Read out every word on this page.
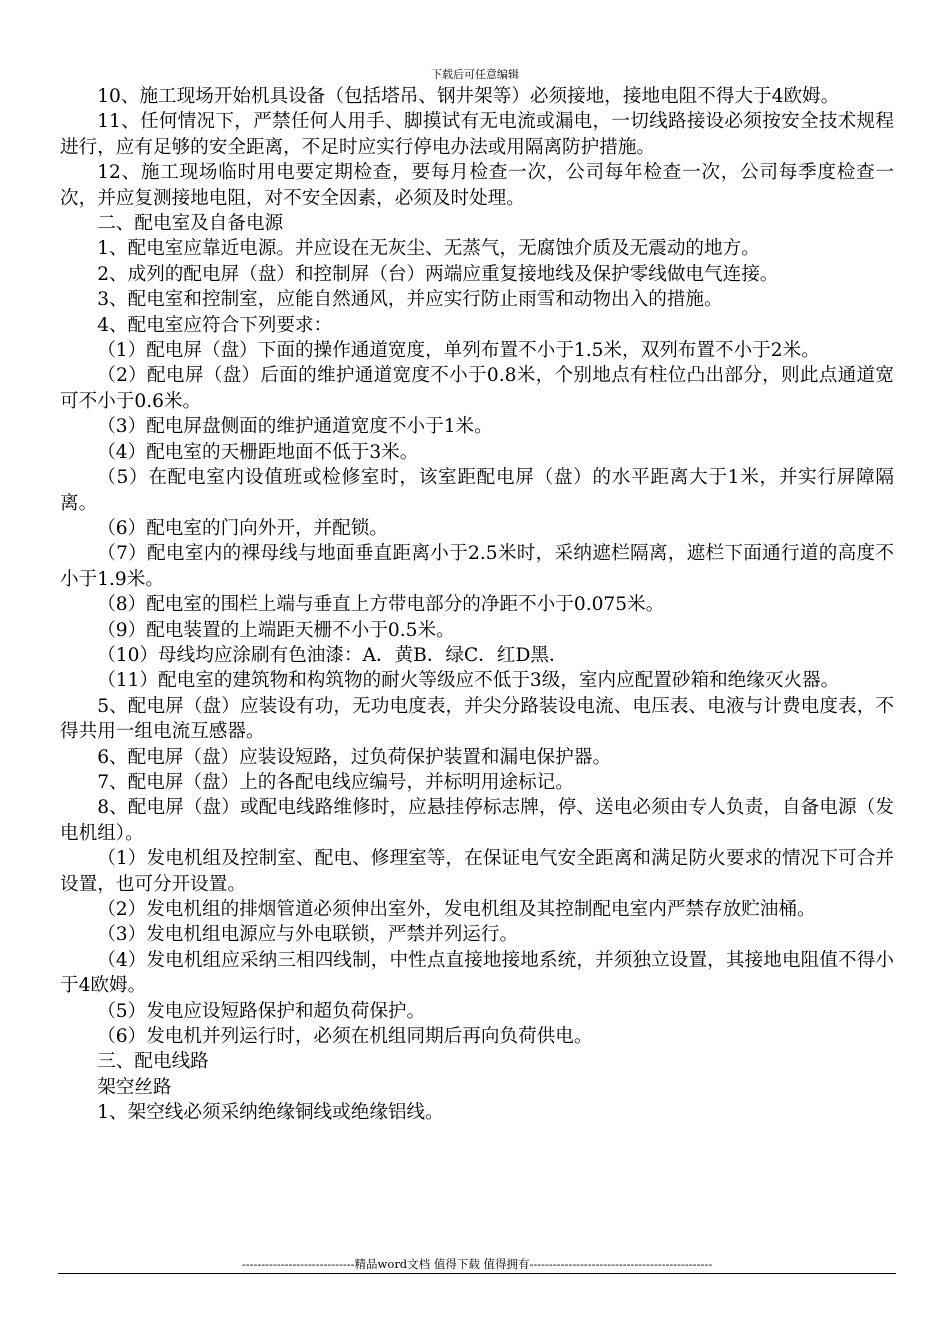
下载后可任意编辑

10、施工现场开始机具设备（包括塔吊、钢井架等）必须接地，接地电阻不得大于4欧姆。

11、任何情况下，严禁任何人用手、脚摸试有无电流或漏电，一切线路接设必须按安全技术规程进行，应有足够的安全距离，不足时应实行停电办法或用隔离防护措施。

12、施工现场临时用电要定期检查，要每月检查一次，公司每年检查一次，公司每季度检查一次，并应复测接地电阻，对不安全因素，必须及时处理。

二、配电室及自备电源

1、配电室应靠近电源。并应设在无灰尘、无蒸气，无腐蚀介质及无震动的地方。

2、成列的配电屏（盘）和控制屏（台）两端应重复接地线及保护零线做电气连接。

3、配电室和控制室，应能自然通风，并应实行防止雨雪和动物出入的措施。

4、配电室应符合下列要求：

（1）配电屏（盘）下面的操作通道宽度，单列布置不小于1.5米，双列布置不小于2米。

（2）配电屏（盘）后面的维护通道宽度不小于0.8米，个别地点有柱位凸出部分，则此点通道宽可不小于0.6米。

（3）配电屏盘侧面的维护通道宽度不小于1米。

（4）配电室的天栅距地面不低于3米。

（5）在配电室内设值班或检修室时，该室距配电屏（盘）的水平距离大于1米，并实行屏障隔离。

（6）配电室的门向外开，并配锁。

（7）配电室内的裸母线与地面垂直距离小于2.5米时，采纳遮栏隔离，遮栏下面通行道的高度不小于1.9米。

（8）配电室的围栏上端与垂直上方带电部分的净距不小于0.075米。

（9）配电装置的上端距天栅不小于0.5米。

（10）母线均应涂刷有色油漆：A．黄B．绿C．红D黑．

（11）配电室的建筑物和构筑物的耐火等级应不低于3级，室内应配置砂箱和绝缘灭火器。

5、配电屏（盘）应装设有功，无功电度表，并尖分路装设电流、电压表、电液与计费电度表，不得共用一组电流互感器。

6、配电屏（盘）应装设短路，过负荷保护装置和漏电保护器。

7、配电屏（盘）上的各配电线应编号，并标明用途标记。

8、配电屏（盘）或配电线路维修时，应悬挂停标志牌，停、送电必须由专人负责，自备电源（发电机组）。

（1）发电机组及控制室、配电、修理室等，在保证电气安全距离和满足防火要求的情况下可合并设置，也可分开设置。

（2）发电机组的排烟管道必须伸出室外，发电机组及其控制配电室内严禁存放贮油桶。

（3）发电机组电源应与外电联锁，严禁并列运行。

（4）发电机组应采纳三相四线制，中性点直接地接地系统，并须独立设置，其接地电阻值不得小于4欧姆。

（5）发电应设短路保护和超负荷保护。

（6）发电机并列运行时，必须在机组同期后再向负荷供电。

三、配电线路

架空丝路

1、架空线必须采纳绝缘铜线或绝缘铝线。

-----------------------------精品word文档 值得下载 值得拥有-----------------------------------------------
